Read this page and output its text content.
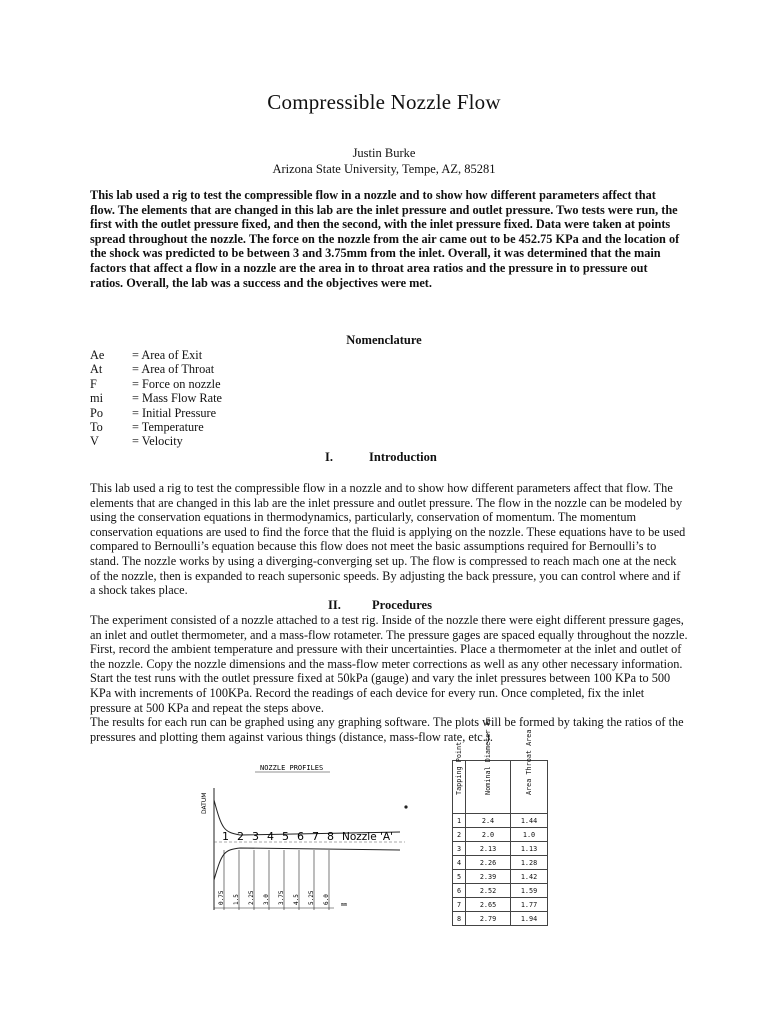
Compressible Nozzle Flow
Justin Burke
Arizona State University, Tempe, AZ, 85281
This lab used a rig to test the compressible flow in a nozzle and to show how different parameters affect that flow. The elements that are changed in this lab are the inlet pressure and outlet pressure. Two tests were run, the first with the outlet pressure fixed, and then the second, with the inlet pressure fixed. Data were taken at points spread throughout the nozzle. The force on the nozzle from the air came out to be 452.75 KPa and the location of the shock was predicted to be between 3 and 3.75mm from the inlet. Overall, it was determined that the main factors that affect a flow in a nozzle are the area in to throat area ratios and the pressure in to pressure out ratios. Overall, the lab was a success and the objectives were met.
Nomenclature
Ae	= Area of Exit
At	= Area of Throat
F	= Force on nozzle
mi	= Mass Flow Rate
Po	= Initial Pressure
To	= Temperature
V	= Velocity
I.	Introduction

This lab used a rig to test the compressible flow in a nozzle and to show how different parameters affect that flow. The elements that are changed in this lab are the inlet pressure and outlet pressure. The flow in the nozzle can be modeled by using the conservation equations in thermodynamics, particularly, conservation of momentum. The momentum conservation equations are used to find the force that the fluid is applying on the nozzle. These equations have to be used compared to Bernoulli’s equation because this flow does not meet the basic assumptions required for Bernoulli’s to stand. The nozzle works by using a diverging-converging set up. The flow is compressed to reach mach one at the neck of the nozzle, then is expanded to reach supersonic speeds. By adjusting the back pressure, you can control where and if a shock takes place.

II.	Procedures

The experiment consisted of a nozzle attached to a test rig. Inside of the nozzle there were eight different pressure gages, an inlet and outlet thermometer, and a mass-flow rotameter. The pressure gages are spaced equally throughout the nozzle.

First, record the ambient temperature and pressure with their uncertainties. Place a thermometer at the inlet and outlet of the nozzle. Copy the nozzle dimensions and the mass-flow meter corrections as well as any other necessary information. Start the test runs with the outlet pressure fixed at 50kPa (gauge) and vary the inlet pressures between 100 KPa to 500 KPa with increments of 100KPa. Record the readings of each device for every run. Once completed, fix the inlet pressure at 500 KPa and repeat the steps above.

The results for each run can be graphed using any graphing software. The plots will be formed by taking the ratios of the pressures and plotting them against various things (distance, mass-flow rate, etc.).

NOZZLE PROFILES
DATUM
1 2 3 4 5 6 7 8 Nozzle 'A'
0.75 1.5 2.25 3.0 3.75 4.5 5.25 6.0 mm
Tapping Point	Nominal Diameter mm	Area Throat Area
1	2.4	1.44
2	2.0	1.0
3	2.13	1.13
4	2.26	1.28
5	2.39	1.42
6	2.52	1.59
7	2.65	1.77
8	2.79	1.94
